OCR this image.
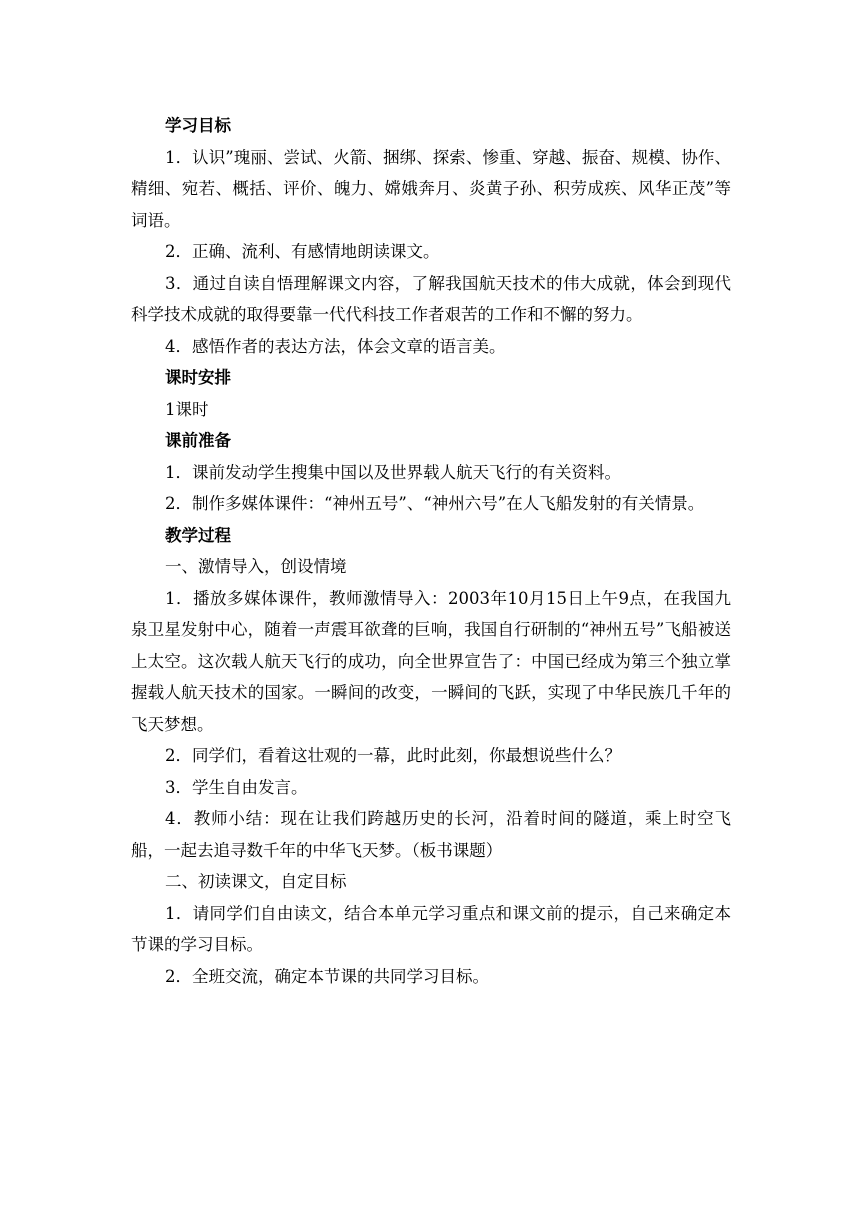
学习目标

1．认识”瑰丽、尝试、火箭、捆绑、探索、惨重、穿越、振奋、规模、协作、精细、宛若、概括、评价、魄力、嫦娥奔月、炎黄子孙、积劳成疾、风华正茂”等词语。

2．正确、流利、有感情地朗读课文。

3．通过自读自悟理解课文内容，了解我国航天技术的伟大成就，体会到现代科学技术成就的取得要靠一代代科技工作者艰苦的工作和不懈的努力。

4．感悟作者的表达方法，体会文章的语言美。

课时安排

1课时

课前准备

1．课前发动学生搜集中国以及世界载人航天飞行的有关资料。

2．制作多媒体课件：“神州五号”、“神州六号”在人飞船发射的有关情景。

教学过程

一、激情导入，创设情境

1．播放多媒体课件，教师激情导入：2003年10月15日上午9点，在我国九泉卫星发射中心，随着一声震耳欲聋的巨响，我国自行研制的“神州五号”飞船被送上太空。这次载人航天飞行的成功，向全世界宣告了：中国已经成为第三个独立掌握载人航天技术的国家。一瞬间的改变，一瞬间的飞跃，实现了中华民族几千年的飞天梦想。

2．同学们，看着这壮观的一幕，此时此刻，你最想说些什么？

3．学生自由发言。

4．教师小结：现在让我们跨越历史的长河，沿着时间的隧道，乘上时空飞船，一起去追寻数千年的中华飞天梦。（板书课题）

二、初读课文，自定目标

1．请同学们自由读文，结合本单元学习重点和课文前的提示，自己来确定本节课的学习目标。

2．全班交流，确定本节课的共同学习目标。
